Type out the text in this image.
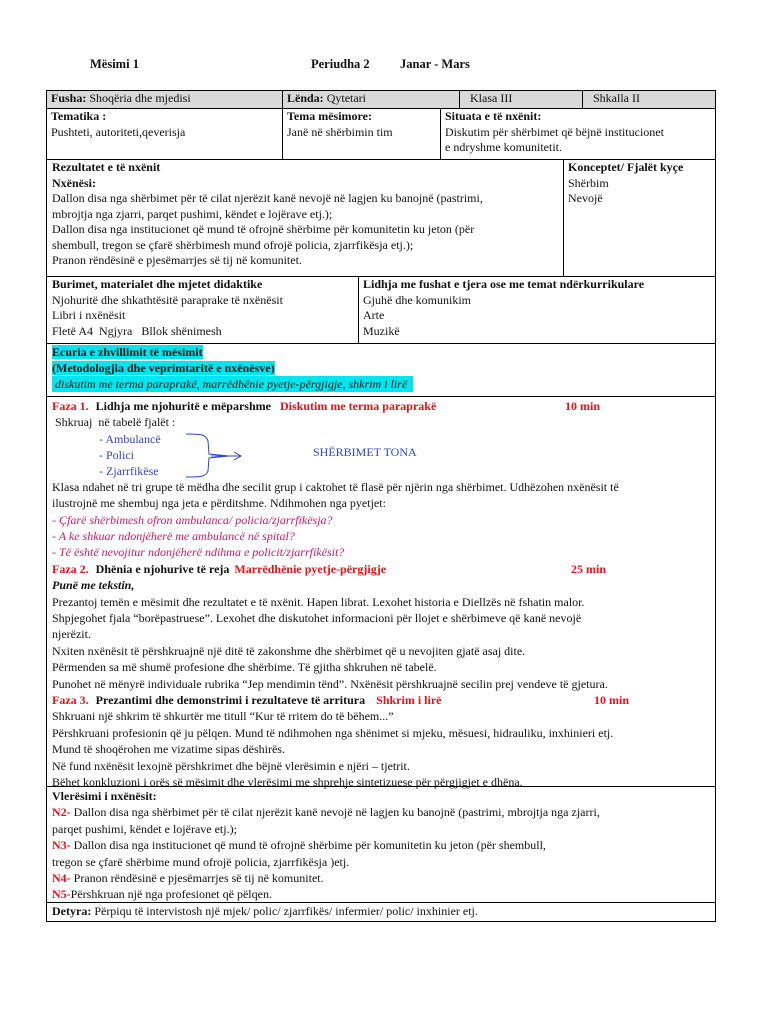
Mësimi 1	Periudha 2 Janar - Mars
Fusha: Shoqëria dhe mjedisi	Lënda: Qytetari	Klasa III	Shkalla II
Tematika :
Pushteti, autoriteti,qeverisja
Tema mësimore:
Janë në shërbimin tim
Situata e të nxënit:
Diskutim për shërbimet që bëjnë institucionet
e ndryshme komunitetit.
Rezultatet e të nxënit
Nxënësi:
Dallon disa nga shërbimet për të cilat njerëzit kanë nevojë në lagjen ku banojnë (pastrimi,
mbrojtja nga zjarri, parqet pushimi, këndet e lojërave etj.);
Dallon disa nga institucionet që mund të ofrojnë shërbime për komunitetin ku jeton (për
shembull, tregon se çfarë shërbimesh mund ofrojë policia, zjarrfikësja etj.);
Pranon rëndësinë e pjesëmarrjes së tij në komunitet.
Konceptet/ Fjalët kyçe
Shërbim
Nevojë
Burimet, materialet dhe mjetet didaktike
Njohuritë dhe shkathtësitë paraprake të nxënësit
Libri i nxënësit
Fletë A4  Ngjyra   Bllok shënimesh
Lidhja me fushat e tjera ose me temat ndërkurrikulare
Gjuhë dhe komunikim
Arte
Muzikë
Ecuria e zhvillimit të mësimit
(Metodologjia dhe veprimtaritë e nxënësve)
diskutim me terma paraprakë, marrëdhënie pyetje-përgjigje, shkrim i lirë
Faza 1. Lidhja me njohuritë e mëparshme Diskutim me terma paraprakë	10 min
Shkruaj  në tabelë fjalët :
- Ambulancë
- Polici
- Zjarrfikëse
SHËRBIMET TONA
Klasa ndahet në tri grupe të mëdha dhe secilit grup i caktohet të flasë për njërin nga shërbimet. Udhëzohen nxënësit të
ilustrojnë me shembuj nga jeta e përditshme. Ndihmohen nga pyetjet:
- Çfarë shërbimesh ofron ambulanca/ policia/zjarrfikësja?
- A ke shkuar ndonjëherë me ambulancë në spital?
- Të është nevojitur ndonjëherë ndihma e policit/zjarrfikësit?
Faza 2. Dhënia e njohurive të reja Marrëdhënie pyetje-përgjigje	25 min
Punë me tekstin,
Prezantoj temën e mësimit dhe rezultatet e të nxënit. Hapen librat. Lexohet historia e Diellzës në fshatin malor.
Shpjegohet fjala “borëpastruese”. Lexohet dhe diskutohet informacioni për llojet e shërbimeve që kanë nevojë
njerëzit.
Nxiten nxënësit të përshkruajnë një ditë të zakonshme dhe shërbimet që u nevojiten gjatë asaj dite.
Përmenden sa më shumë profesione dhe shërbime. Të gjitha shkruhen në tabelë.
Punohet në mënyrë individuale rubrika “Jep mendimin tënd”. Nxënësit përshkruajnë secilin prej vendeve të gjetura.
Faza 3. Prezantimi dhe demonstrimi i rezultateve të arritura Shkrim i lirë	10 min
Shkruani një shkrim të shkurtër me titull “Kur të rritem do të bëhem...”
Përshkruani profesionin që ju pëlqen. Mund të ndihmohen nga shënimet si mjeku, mësuesi, hidrauliku, inxhinieri etj.
Mund të shoqërohen me vizatime sipas dëshirës.
Në fund nxënësit lexojnë përshkrimet dhe bëjnë vlerësimin e njëri – tjetrit.
Bëhet konkluzioni i orës së mësimit dhe vlerësimi me shprehje sintetizuese për përgjigjet e dhëna.
Vlerësimi i nxënësit:
N2- Dallon disa nga shërbimet për të cilat njerëzit kanë nevojë në lagjen ku banojnë (pastrimi, mbrojtja nga zjarri,
parqet pushimi, këndet e lojërave etj.);
N3- Dallon disa nga institucionet që mund të ofrojnë shërbime për komunitetin ku jeton (për shembull,
tregon se çfarë shërbime mund ofrojë policia, zjarrfikësja )etj.
N4- Pranon rëndësinë e pjesëmarrjes së tij në komunitet.
N5-Përshkruan një nga profesionet që pëlqen.
Detyra: Përpiqu të intervistosh një mjek/ polic/ zjarrfikës/ infermier/ polic/ inxhinier etj.
